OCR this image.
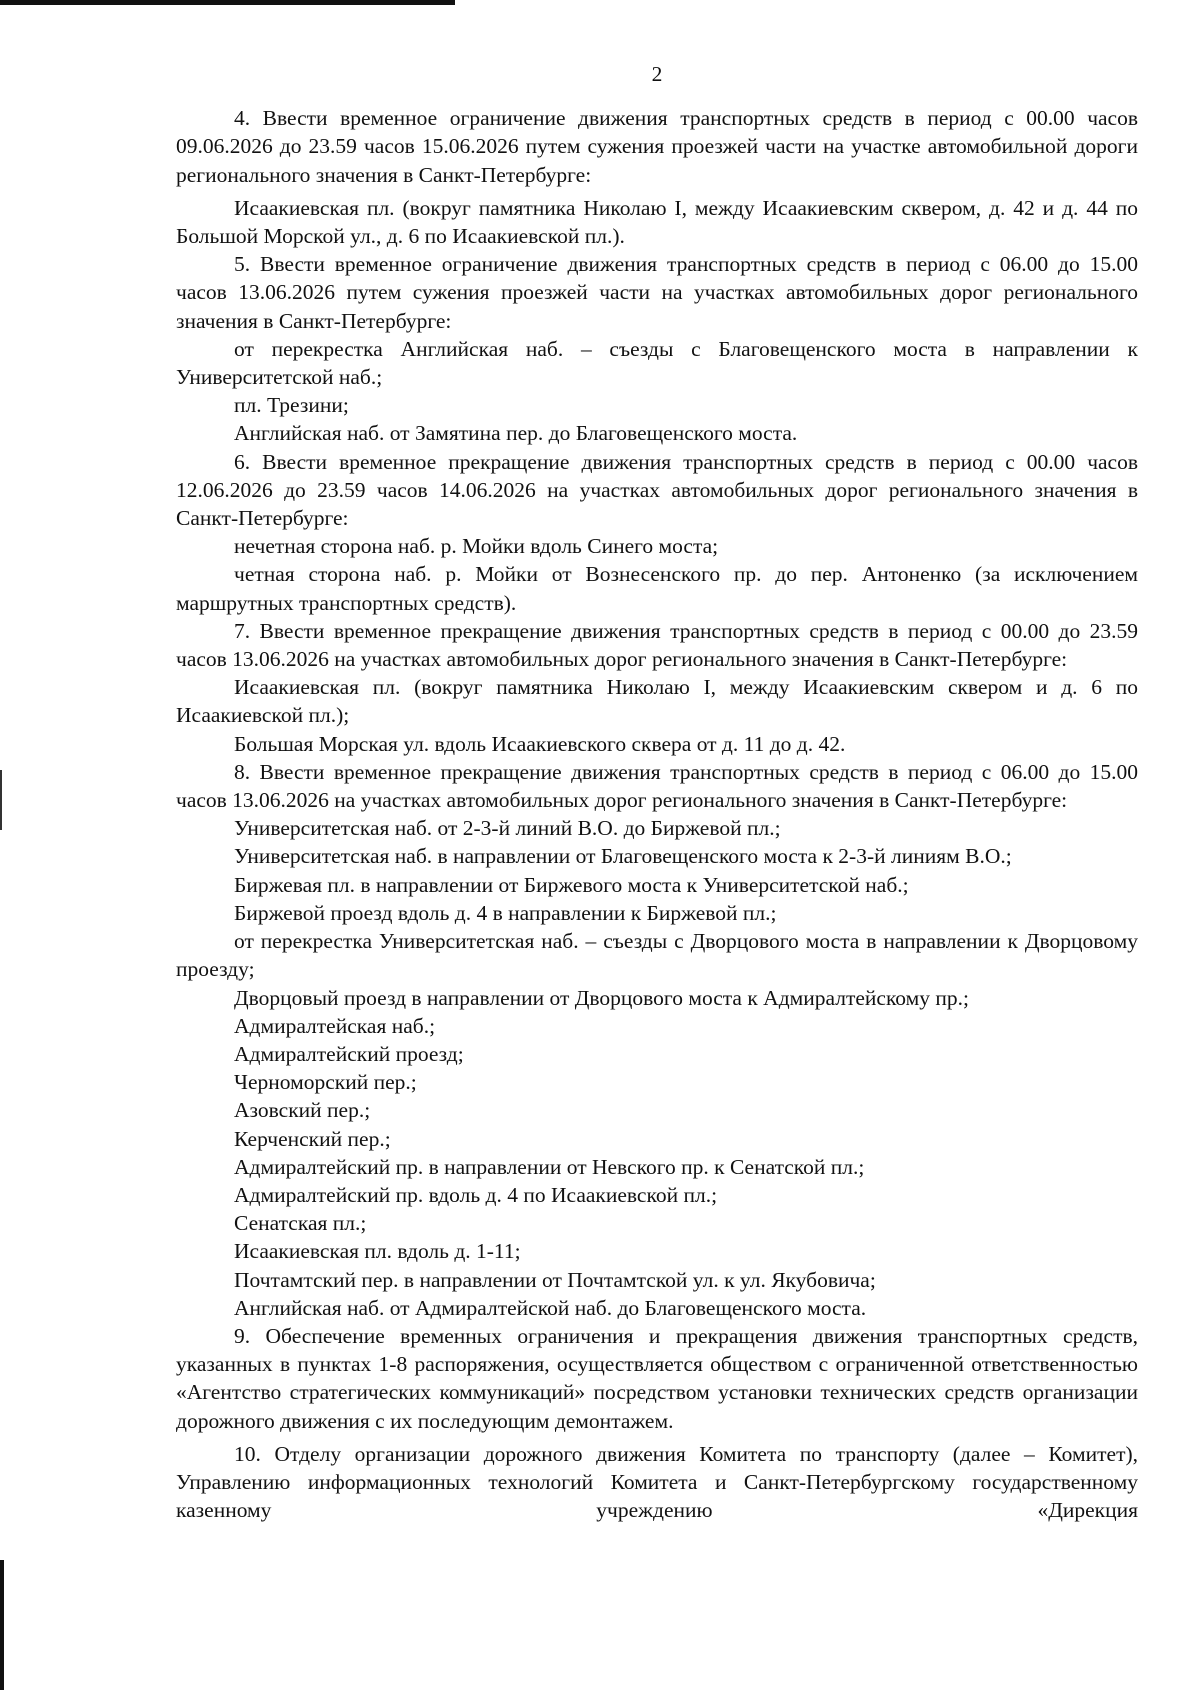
2

4. Ввести временное ограничение движения транспортных средств в период с 00.00 часов 09.06.2026 до 23.59 часов 15.06.2026 путем сужения проезжей части на участке автомобильной дороги регионального значения в Санкт-Петербурге:

Исаакиевская пл. (вокруг памятника Николаю I, между Исаакиевским сквером, д. 42 и д. 44 по Большой Морской ул., д. 6 по Исаакиевской пл.).

5. Ввести временное ограничение движения транспортных средств в период с 06.00 до 15.00 часов 13.06.2026 путем сужения проезжей части на участках автомобильных дорог регионального значения в Санкт-Петербурге:

от перекрестка Английская наб. – съезды с Благовещенского моста в направлении к Университетской наб.;

пл. Трезини;

Английская наб. от Замятина пер. до Благовещенского моста.

6. Ввести временное прекращение движения транспортных средств в период с 00.00 часов 12.06.2026 до 23.59 часов 14.06.2026 на участках автомобильных дорог регионального значения в Санкт-Петербурге:

нечетная сторона наб. р. Мойки вдоль Синего моста;

четная сторона наб. р. Мойки от Вознесенского пр. до пер. Антоненко (за исключением маршрутных транспортных средств).

7. Ввести временное прекращение движения транспортных средств в период с 00.00 до 23.59 часов 13.06.2026 на участках автомобильных дорог регионального значения в Санкт-Петербурге:

Исаакиевская пл. (вокруг памятника Николаю I, между Исаакиевским сквером и д. 6 по Исаакиевской пл.);

Большая Морская ул. вдоль Исаакиевского сквера от д. 11 до д. 42.

8. Ввести временное прекращение движения транспортных средств в период с 06.00 до 15.00 часов 13.06.2026 на участках автомобильных дорог регионального значения в Санкт-Петербурге:

Университетская наб. от 2-3-й линий В.О. до Биржевой пл.;

Университетская наб. в направлении от Благовещенского моста к 2-3-й линиям В.О.;

Биржевая пл. в направлении от Биржевого моста к Университетской наб.;

Биржевой проезд вдоль д. 4 в направлении к Биржевой пл.;

от перекрестка Университетская наб. – съезды с Дворцового моста в направлении к Дворцовому проезду;

Дворцовый проезд в направлении от Дворцового моста к Адмиралтейскому пр.;

Адмиралтейская наб.;

Адмиралтейский проезд;

Черноморский пер.;

Азовский пер.;

Керченский пер.;

Адмиралтейский пр. в направлении от Невского пр. к Сенатской пл.;

Адмиралтейский пр. вдоль д. 4 по Исаакиевской пл.;

Сенатская пл.;

Исаакиевская пл. вдоль д. 1-11;

Почтамтский пер. в направлении от Почтамтской ул. к ул. Якубовича;

Английская наб. от Адмиралтейской наб. до Благовещенского моста.

9. Обеспечение временных ограничения и прекращения движения транспортных средств, указанных в пунктах 1-8 распоряжения, осуществляется обществом с ограниченной ответственностью «Агентство стратегических коммуникаций» посредством установки технических средств организации дорожного движения с их последующим демонтажем.

10. Отделу организации дорожного движения Комитета по транспорту (далее – Комитет), Управлению информационных технологий Комитета и Санкт-Петербургскому государственному казенному учреждению «Дирекция
